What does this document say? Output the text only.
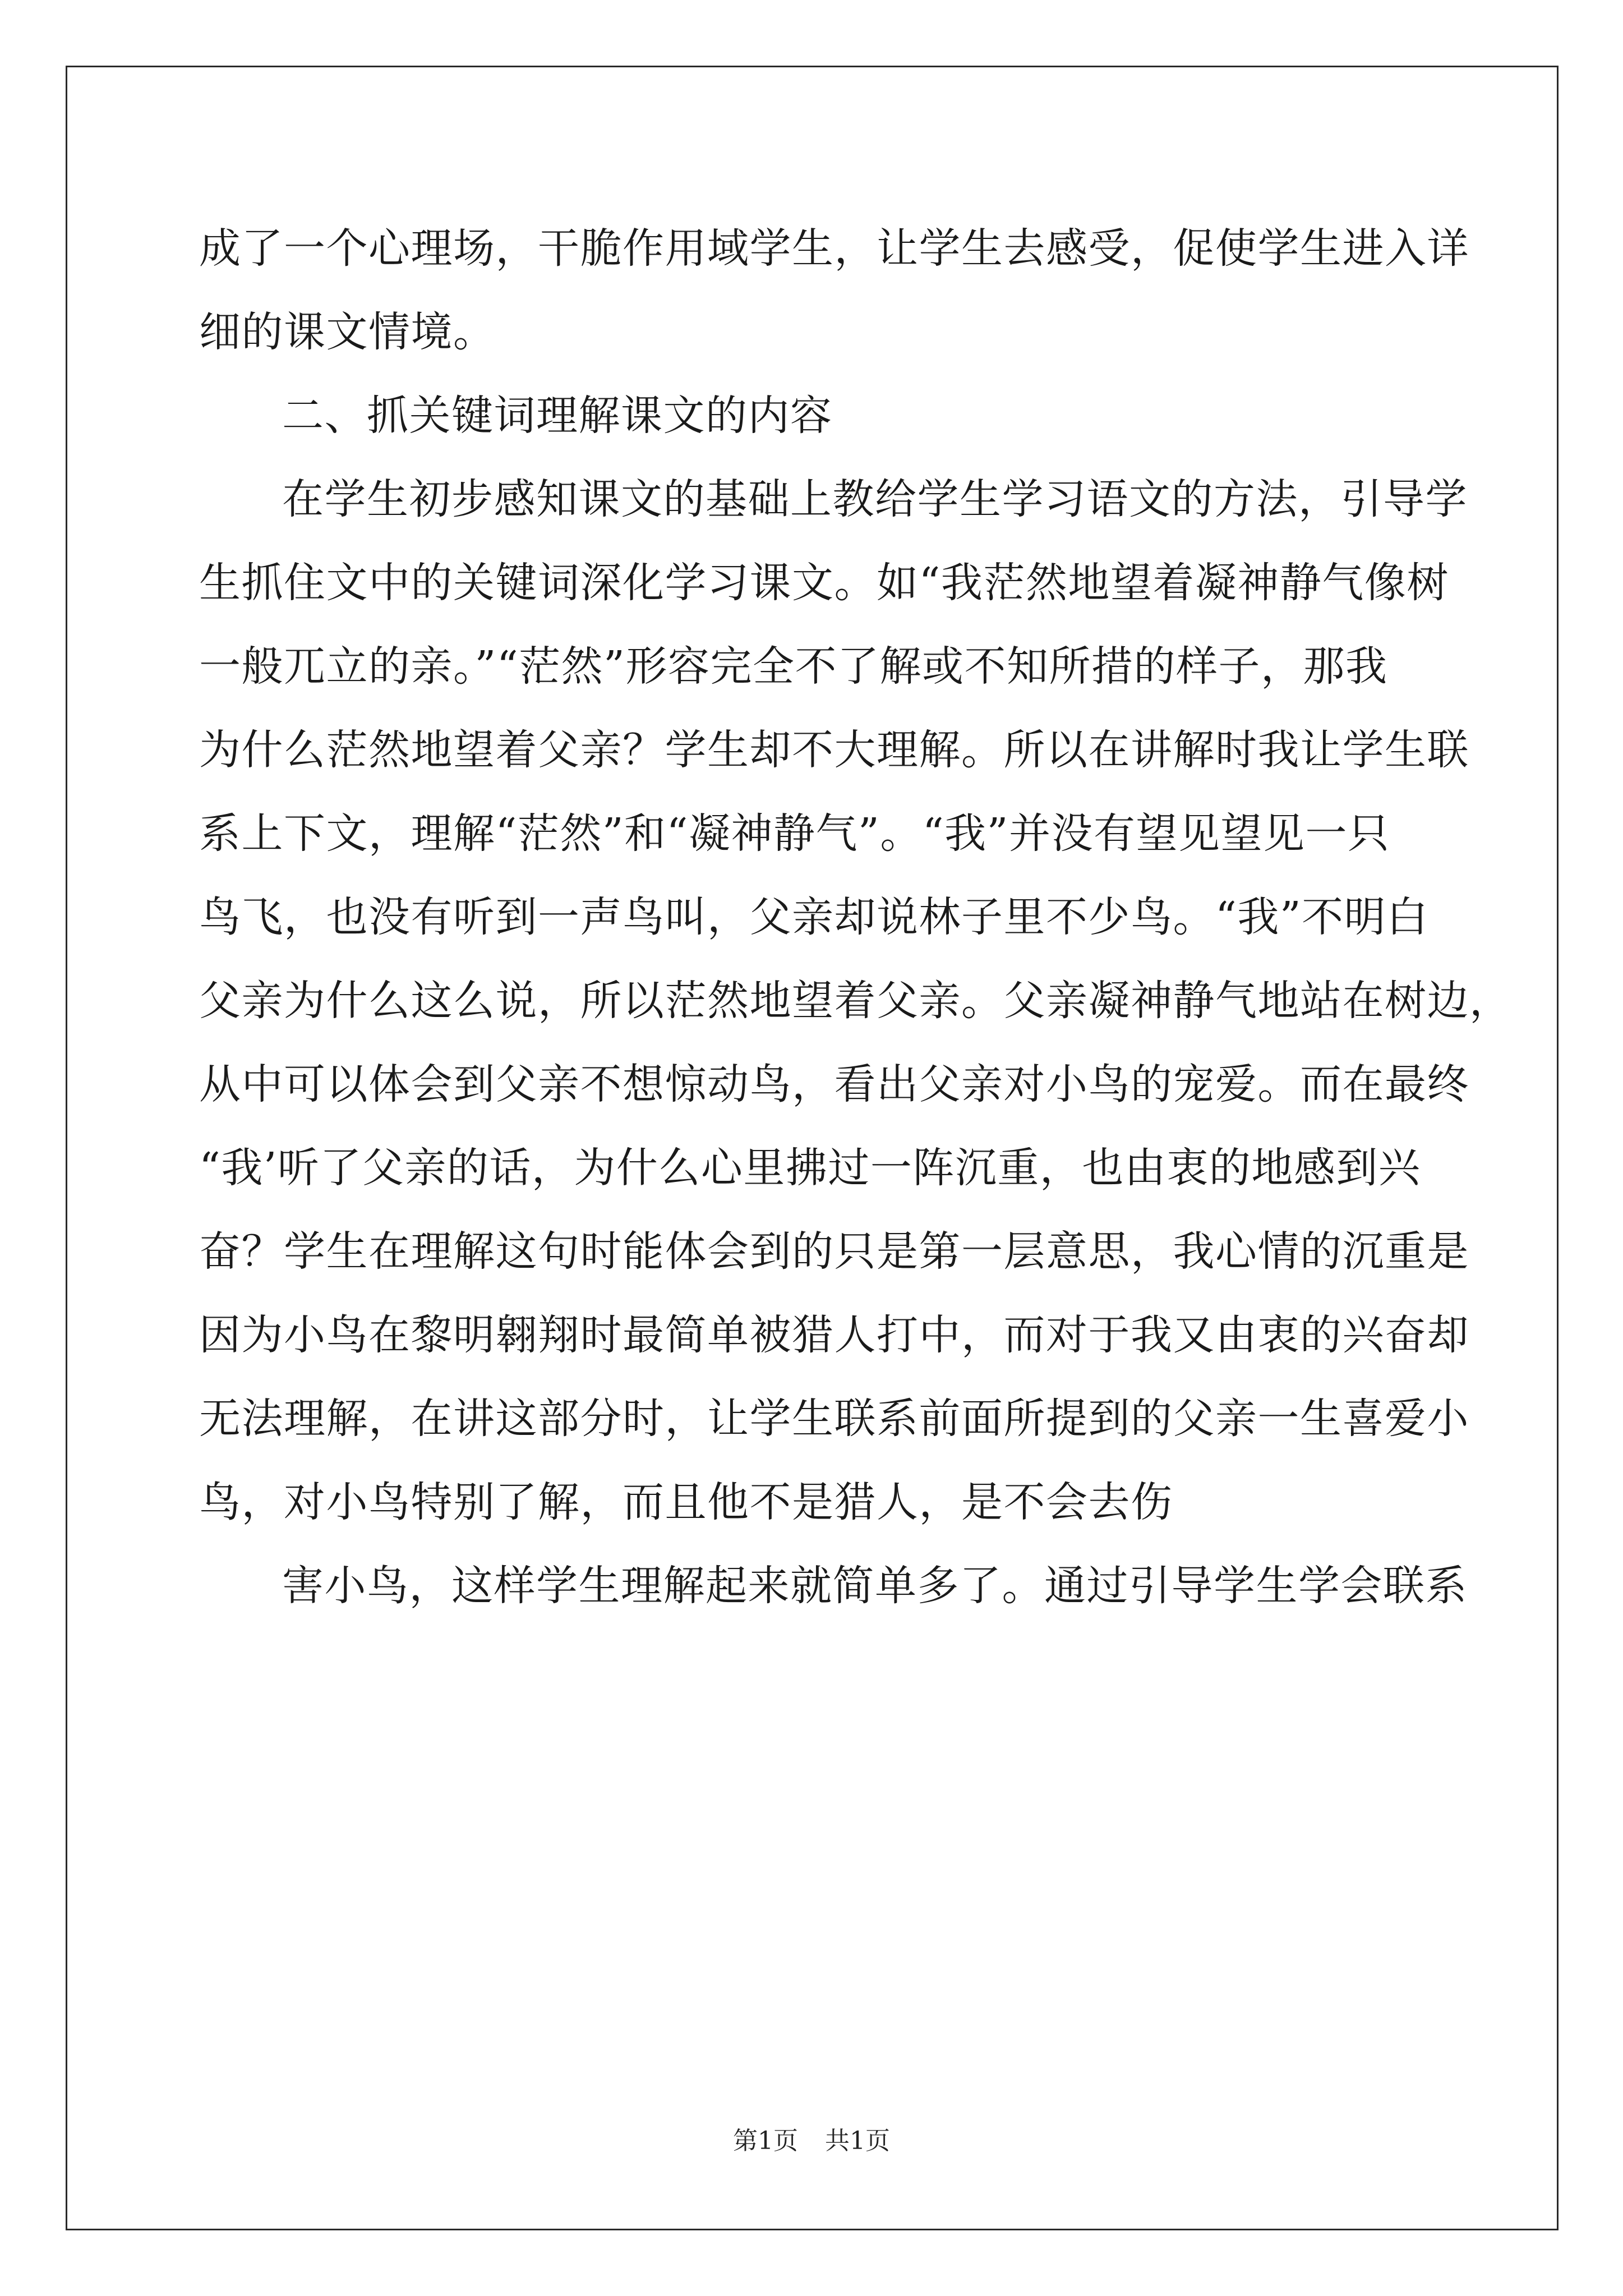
成了一个心理场，干脆作用域学生，让学生去感受，促使学生进入详
细的课文情境。
二、抓关键词理解课文的内容
在学生初步感知课文的基础上教给学生学习语文的方法，引导学
生抓住文中的关键词深化学习课文。如“我茫然地望着凝神静气像树
一般兀立的亲。”“茫然”形容完全不了解或不知所措的样子，那我
为什么茫然地望着父亲？学生却不大理解。所以在讲解时我让学生联
系上下文，理解“茫然”和“凝神静气”。“我”并没有望见望见一只
鸟飞，也没有听到一声鸟叫，父亲却说林子里不少鸟。“我”不明白
父亲为什么这么说，所以茫然地望着父亲。父亲凝神静气地站在树边，
从中可以体会到父亲不想惊动鸟，看出父亲对小鸟的宠爱。而在最终
“我’听了父亲的话，为什么心里拂过一阵沉重，也由衷的地感到兴
奋？学生在理解这句时能体会到的只是第一层意思，我心情的沉重是
因为小鸟在黎明翱翔时最简单被猎人打中，而对于我又由衷的兴奋却
无法理解，在讲这部分时，让学生联系前面所提到的父亲一生喜爱小
鸟，对小鸟特别了解，而且他不是猎人，是不会去伤
害小鸟，这样学生理解起来就简单多了。通过引导学生学会联系
第1页 共1页
